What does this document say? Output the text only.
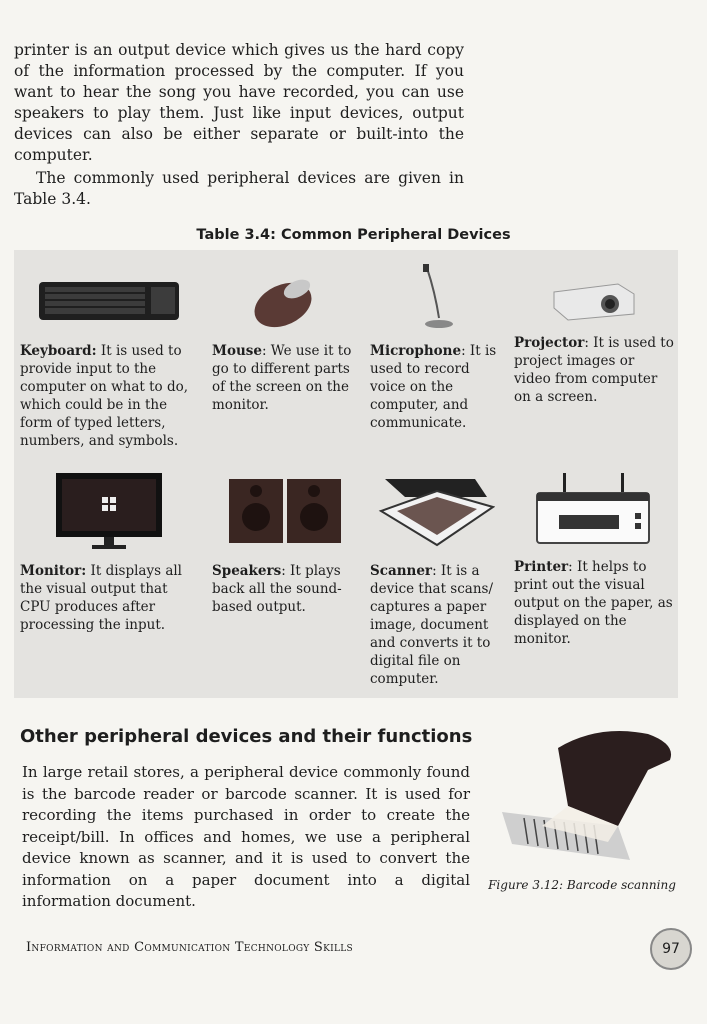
printer is an output device which gives us the hard copy of the information processed by the computer. If you want to hear the song you have recorded, you can use speakers to play them. Just like input devices, output devices can also be either separate or built-into the computer.

The commonly used peripheral devices are given in Table 3.4.

Table 3.4: Common Peripheral Devices
Keyboard: It is used to provide input to the computer on what to do, which could be in the form of typed letters, numbers, and symbols.
Mouse: We use it to go to different parts of the screen on the monitor.
Microphone: It is used to record voice on the computer, and communicate.
Projector: It is used to project images or video from computer on a screen.
Monitor: It displays all the visual output that CPU produces after processing the input.
Speakers: It plays back all the sound-based output.
Scanner: It is a device that scans/ captures a paper image, document and converts it to digital file on computer.
Printer: It helps to print out the visual output on the paper, as displayed on the monitor.
Other peripheral devices and their functions

In large retail stores, a peripheral device commonly found is the barcode reader or barcode scanner. It is used for recording the items purchased in order to create the receipt/bill. In offices and homes, we use a peripheral device known as scanner, and it is used to convert the information on a paper document into a digital information document.

Figure 3.12: Barcode scanning
Information and Communication Technology Skills	97
